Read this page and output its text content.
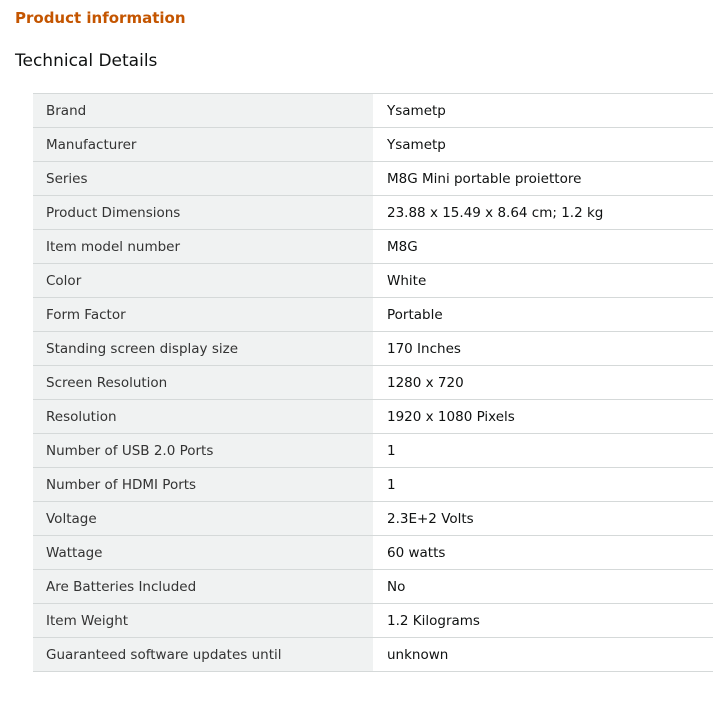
Product information
Technical Details
Brand	Ysametp
Manufacturer	Ysametp
Series	M8G Mini portable proiettore
Product Dimensions	23.88 x 15.49 x 8.64 cm; 1.2 kg
Item model number	M8G
Color	White
Form Factor	Portable
Standing screen display size	170 Inches
Screen Resolution	1280 x 720
Resolution	1920 x 1080 Pixels
Number of USB 2.0 Ports	1
Number of HDMI Ports	1
Voltage	2.3E+2 Volts
Wattage	60 watts
Are Batteries Included	No
Item Weight	1.2 Kilograms
Guaranteed software updates until	unknown
